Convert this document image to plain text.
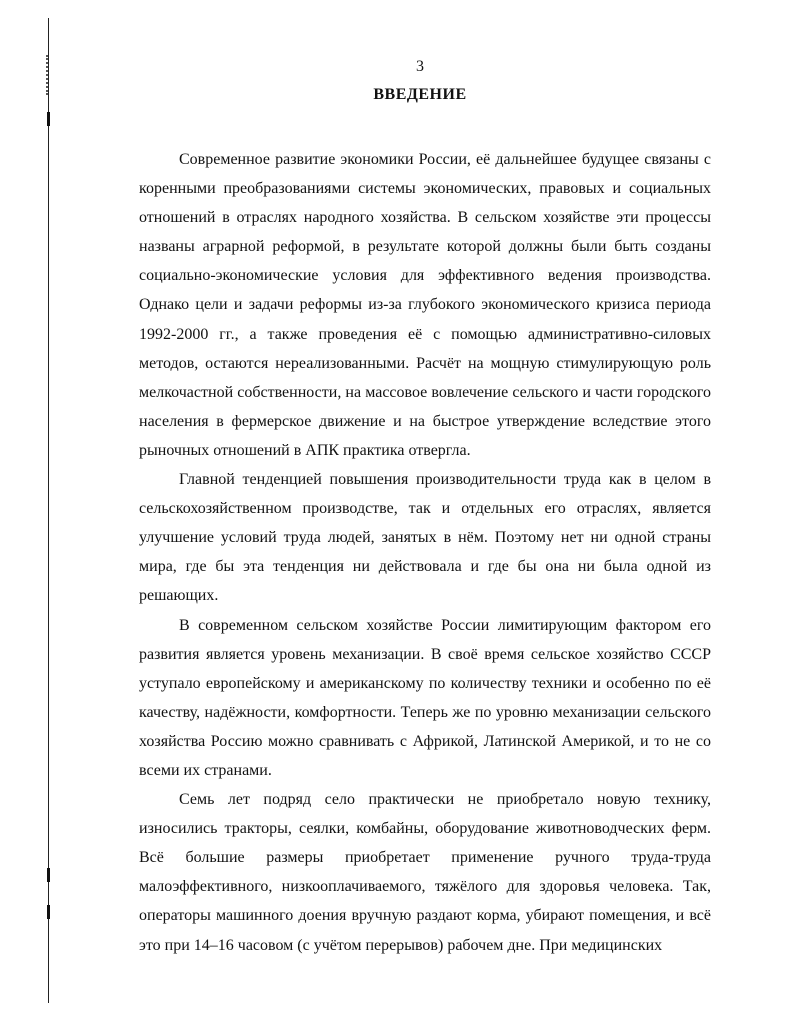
3
ВВЕДЕНИЕ

Современное развитие экономики России, её дальнейшее будущее связаны с коренными преобразованиями системы экономических, правовых и социальных отношений в отраслях народного хозяйства. В сельском хозяйстве эти процессы названы аграрной реформой, в результате которой должны были быть созданы социально-экономические условия для эффективного ведения производства. Однако цели и задачи реформы из-за глубокого экономического кризиса периода 1992-2000 гг., а также проведения её с помощью административно-силовых методов, остаются нереализованными. Расчёт на мощную стимулирующую роль мелкочастной собственности, на массовое вовлечение сельского и части городского населения в фермерское движение и на быстрое утверждение вследствие этого рыночных отношений в АПК практика отвергла.

Главной тенденцией повышения производительности труда как в целом в сельскохозяйственном производстве, так и отдельных его отраслях, является улучшение условий труда людей, занятых в нём. Поэтому нет ни одной страны мира, где бы эта тенденция ни действовала и где бы она ни была одной из решающих.

В современном сельском хозяйстве России лимитирующим фактором его развития является уровень механизации. В своё время сельское хозяйство СССР уступало европейскому и американскому по количеству техники и особенно по её качеству, надёжности, комфортности. Теперь же по уровню механизации сельского хозяйства Россию можно сравнивать с Африкой, Латинской Америкой, и то не со всеми их странами.

Семь лет подряд село практически не приобретало новую технику, износились тракторы, сеялки, комбайны, оборудование животноводческих ферм. Всё большие размеры приобретает применение ручного труда-труда малоэффективного, низкооплачиваемого, тяжёлого для здоровья человека. Так, операторы машинного доения вручную раздают корма, убирают помещения, и всё это при 14–16 часовом (с учётом перерывов) рабочем дне. При медицинских
